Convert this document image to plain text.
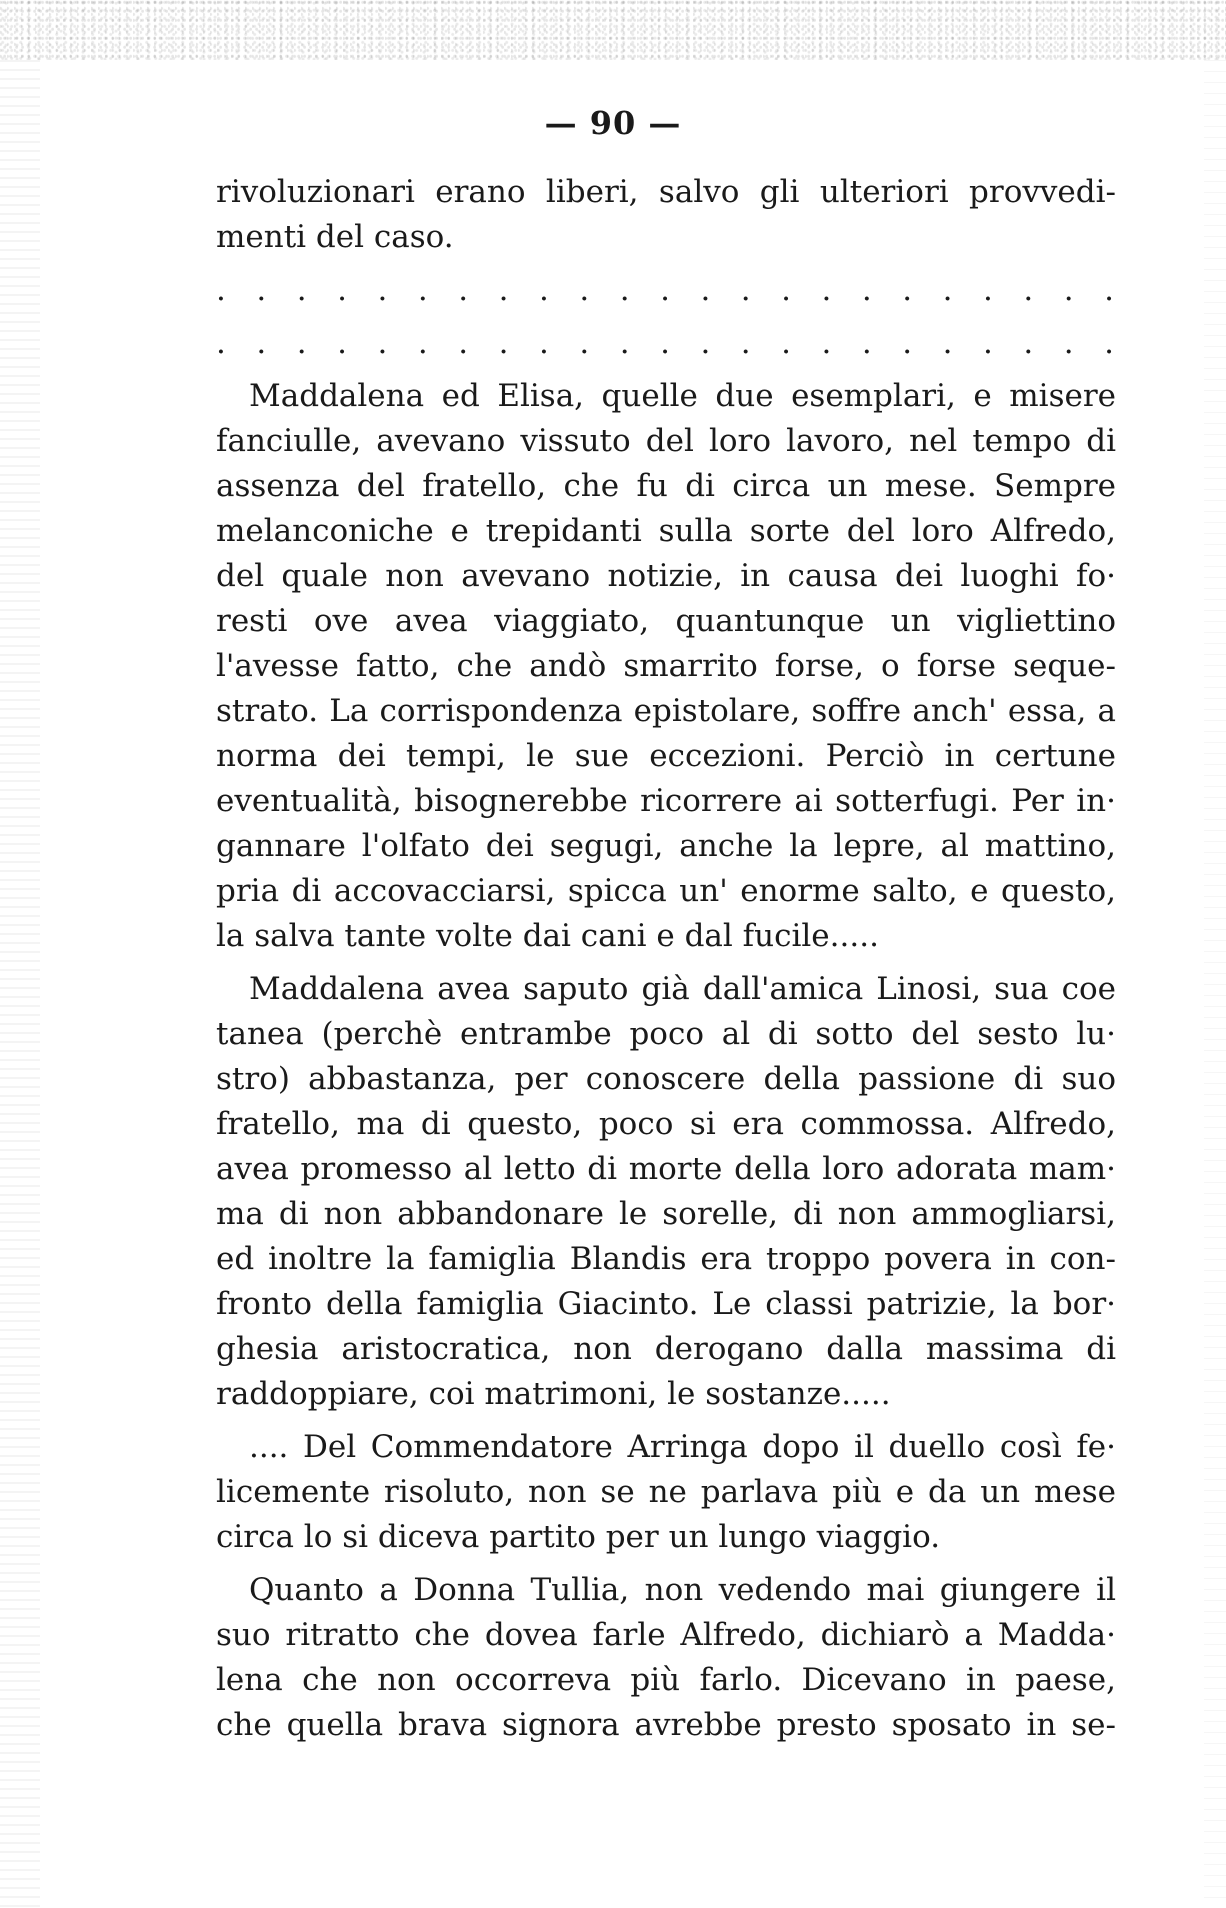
— 90 —
rivoluzionari erano liberi, salvo gli ulteriori provvedi-
menti del caso.
. . . . . . . . . . . . . . . . . . . . . . .
. . . . . . . . . . . . . . . . . . . . . . .
Maddalena ed Elisa, quelle due esemplari, e misere
fanciulle, avevano vissuto del loro lavoro, nel tempo di
assenza del fratello, che fu di circa un mese. Sempre
melanconiche e trepidanti sulla sorte del loro Alfredo,
del quale non avevano notizie, in causa dei luoghi fo·
resti ove avea viaggiato, quantunque un vigliettino
l'avesse fatto, che andò smarrito forse, o forse seque-
strato. La corrispondenza epistolare, soffre anch' essa, a
norma dei tempi, le sue eccezioni. Perciò in certune
eventualità, bisognerebbe ricorrere ai sotterfugi. Per in·
gannare l'olfato dei segugi, anche la lepre, al mattino,
pria di accovacciarsi, spicca un' enorme salto, e questo,
la salva tante volte dai cani e dal fucile.....
Maddalena avea saputo già dall'amica Linosi, sua coe
tanea (perchè entrambe poco al di sotto del sesto lu·
stro) abbastanza, per conoscere della passione di suo
fratello, ma di questo, poco si era commossa. Alfredo,
avea promesso al letto di morte della loro adorata mam·
ma di non abbandonare le sorelle, di non ammogliarsi,
ed inoltre la famiglia Blandis era troppo povera in con-
fronto della famiglia Giacinto. Le classi patrizie, la bor·
ghesia aristocratica, non derogano dalla massima di
raddoppiare, coi matrimoni, le sostanze.....
.... Del Commendatore Arringa dopo il duello così fe·
licemente risoluto, non se ne parlava più e da un mese
circa lo si diceva partito per un lungo viaggio.
Quanto a Donna Tullia, non vedendo mai giungere il
suo ritratto che dovea farle Alfredo, dichiarò a Madda·
lena che non occorreva più farlo. Dicevano in paese,
che quella brava signora avrebbe presto sposato in se-
